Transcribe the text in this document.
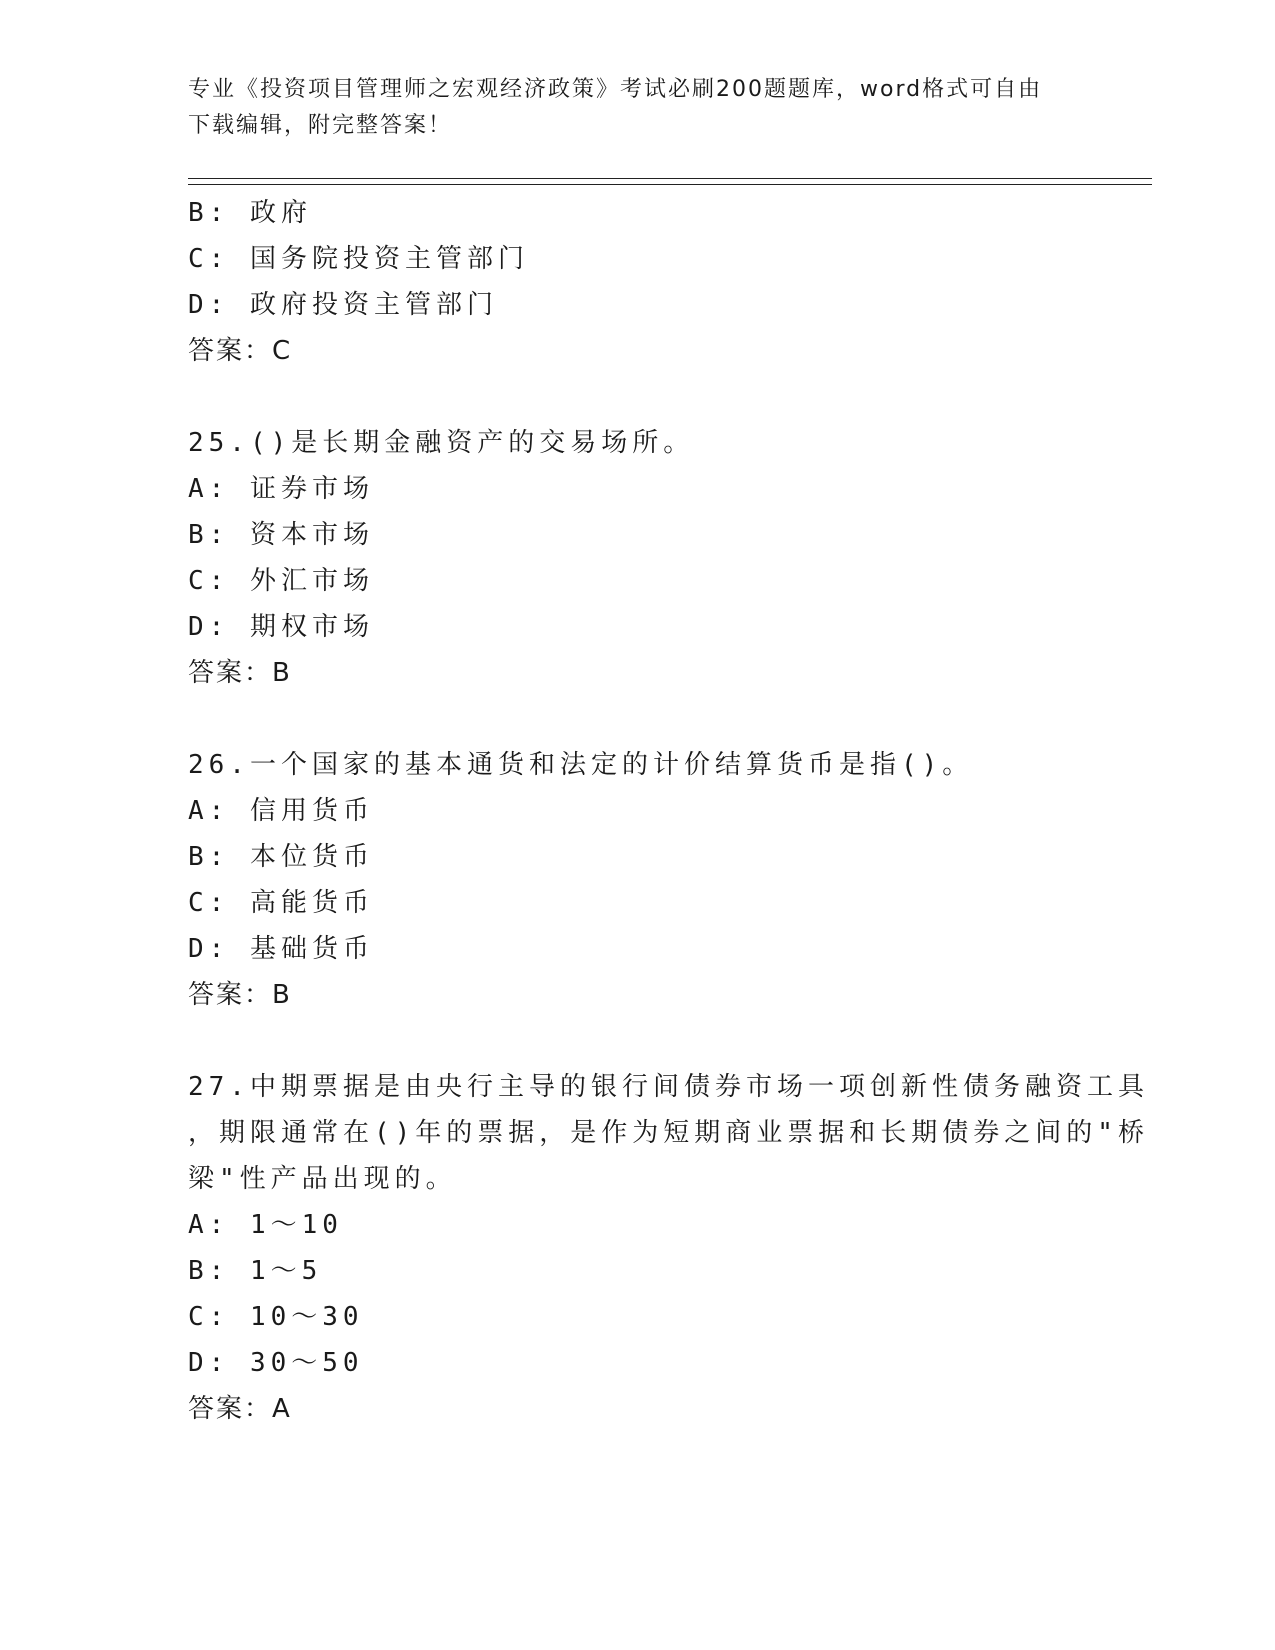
专业《投资项目管理师之宏观经济政策》考试必刷200题题库，word格式可自由
下载编辑，附完整答案！
B: 政府
C: 国务院投资主管部门
D: 政府投资主管部门
答案：C
25.()是长期金融资产的交易场所。
A: 证券市场
B: 资本市场
C: 外汇市场
D: 期权市场
答案：B
26.一个国家的基本通货和法定的计价结算货币是指()。
A: 信用货币
B: 本位货币
C: 高能货币
D: 基础货币
答案：B
27.中期票据是由央行主导的银行间债券市场一项创新性债务融资工具
，期限通常在()年的票据，是作为短期商业票据和长期债券之间的"桥
梁"性产品出现的。
A: 1～10
B: 1～5
C: 10～30
D: 30～50
答案：A
